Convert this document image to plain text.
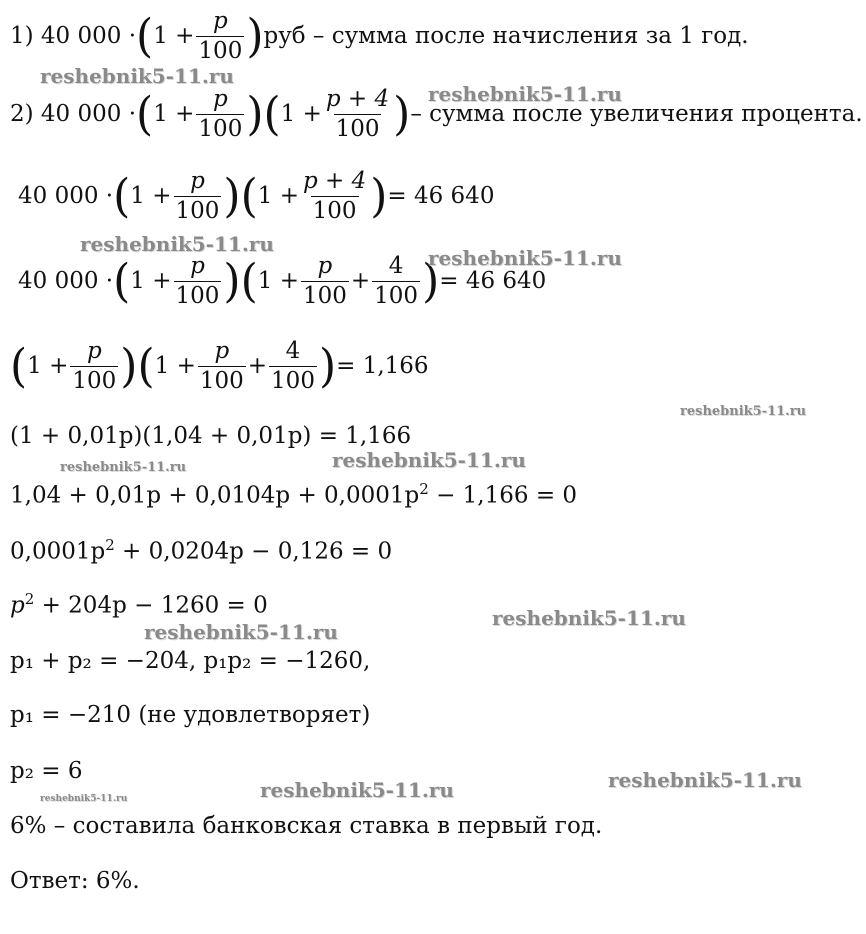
1) 40 000 · ( $1 + \frac{p}{100}$ ) руб – сумма после начисления за 1 год.
2) 40 000 · ( $1 + \frac{p}{100}$ ) ( $1 + \frac{p + 4}{100}$ ) – сумма после увеличения процента.
40 000 · ( $1 + \frac{p}{100}$ ) ( $1 + \frac{p + 4}{100}$ ) = 46 640
40 000 · ( $1 + \frac{p}{100}$ ) ( $1 + \frac{p}{100} + \frac{4}{100}$ ) = 46 640
( $1 + \frac{p}{100}$ ) ( $1 + \frac{p}{100} + \frac{4}{100}$ ) = 1,166
(1 + 0,01p)(1,04 + 0,01p) = 1,166
$1,04 + 0,01p + 0,0104p + 0,0001p^2 - 1,166 = 0$
$0,0001p^2 + 0,0204p - 0,126 = 0$
$p^2 + 204p - 1260 = 0$
p₁ + p₂ = −204, p₁p₂ = −1260,
p₁ = −210 (не удовлетворяет)
p₂ = 6
6% – составила банковская ставка в первый год.
Ответ: 6%.
reshebnik5-11.ru
reshebnik5-11.ru
reshebnik5-11.ru
reshebnik5-11.ru
reshebnik5-11.ru
reshebnik5-11.ru
reshebnik5-11.ru
reshebnik5-11.ru
reshebnik5-11.ru
reshebnik5-11.ru
reshebnik5-11.ru
reshebnik5-11.ru
